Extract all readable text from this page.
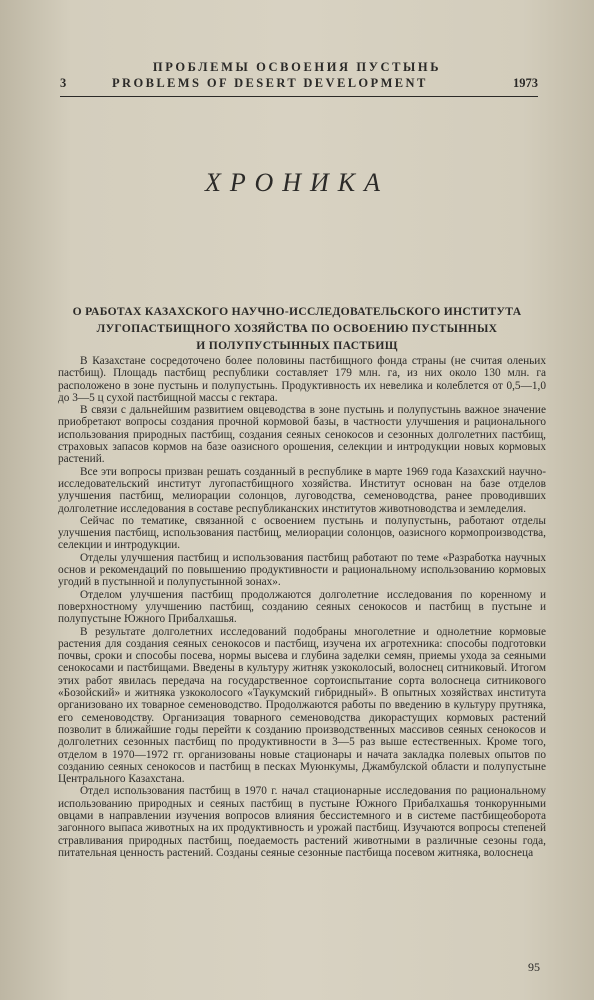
ПРОБЛЕМЫ ОСВОЕНИЯ ПУСТЫНЬ
3	PROBLEMS OF DESERT DEVELOPMENT	1973
ХРОНИКА
О РАБОТАХ КАЗАХСКОГО НАУЧНО-ИССЛЕДОВАТЕЛЬСКОГО ИНСТИТУТА
ЛУГОПАСТБИЩНОГО ХОЗЯЙСТВА ПО ОСВОЕНИЮ ПУСТЫННЫХ
И ПОЛУПУСТЫННЫХ ПАСТБИЩ

В Казахстане сосредоточено более половины пастбищного фонда страны (не считая оленьих пастбищ). Площадь пастбищ республики составляет 179 млн. га, из них около 130 млн. га расположено в зоне пустынь и полупустынь. Продуктивность их невелика и колеблется от 0,5—1,0 до 3—5 ц сухой пастбищной массы с гектара.

В связи с дальнейшим развитием овцеводства в зоне пустынь и полупустынь важное значение приобретают вопросы создания прочной кормовой базы, в частности улучшения и рационального использования природных пастбищ, создания сеяных сенокосов и сезонных долголетних пастбищ, страховых запасов кормов на базе оазисного орошения, селекции и интродукции новых кормовых растений.

Все эти вопросы призван решать созданный в республике в марте 1969 года Казахский научно-исследовательский институт лугопастбищного хозяйства. Институт основан на базе отделов улучшения пастбищ, мелиорации солонцов, луговодства, семеноводства, ранее проводивших долголетние исследования в составе республиканских институтов животноводства и земледелия.

Сейчас по тематике, связанной с освоением пустынь и полупустынь, работают отделы улучшения пастбищ, использования пастбищ, мелиорации солонцов, оазисного кормопроизводства, селекции и интродукции.

Отделы улучшения пастбищ и использования пастбищ работают по теме «Разработка научных основ и рекомендаций по повышению продуктивности и рациональному использованию кормовых угодий в пустынной и полупустынной зонах».

Отделом улучшения пастбищ продолжаются долголетние исследования по коренному и поверхностному улучшению пастбищ, созданию сеяных сенокосов и пастбищ в пустыне и полупустыне Южного Прибалхашья.

В результате долголетних исследований подобраны многолетние и однолетние кормовые растения для создания сеяных сенокосов и пастбищ, изучена их агротехника: способы подготовки почвы, сроки и способы посева, нормы высева и глубина заделки семян, приемы ухода за сеяными сенокосами и пастбищами. Введены в культуру житняк узкоколосый, волоснец ситниковый. Итогом этих работ явилась передача на государственное сортоиспытание сорта волоснеца ситникового «Бозойский» и житняка узкоколосого «Таукумский гибридный». В опытных хозяйствах института организовано их товарное семеноводство. Продолжаются работы по введению в культуру прутняка, его семеноводству. Организация товарного семеноводства дикорастущих кормовых растений позволит в ближайшие годы перейти к созданию производственных массивов сеяных сенокосов и долголетних сезонных пастбищ по продуктивности в 3—5 раз выше естественных. Кроме того, отделом в 1970—1972 гг. организованы новые стационары и начата закладка полевых опытов по созданию сеяных сенокосов и пастбищ в песках Муюнкумы, Джамбулской области и полупустыне Центрального Казахстана.

Отдел использования пастбищ в 1970 г. начал стационарные исследования по рациональному использованию природных и сеяных пастбищ в пустыне Южного Прибалхашья тонкорунными овцами в направлении изучения вопросов влияния бессистемного и в системе пастбищеоборота загонного выпаса животных на их продуктивность и урожай пастбищ. Изучаются вопросы степеней стравливания природных пастбищ, поедаемость растений животными в различные сезоны года, питательная ценность растений. Созданы сеяные сезонные пастбища посевом житняка, волоснеца

95
